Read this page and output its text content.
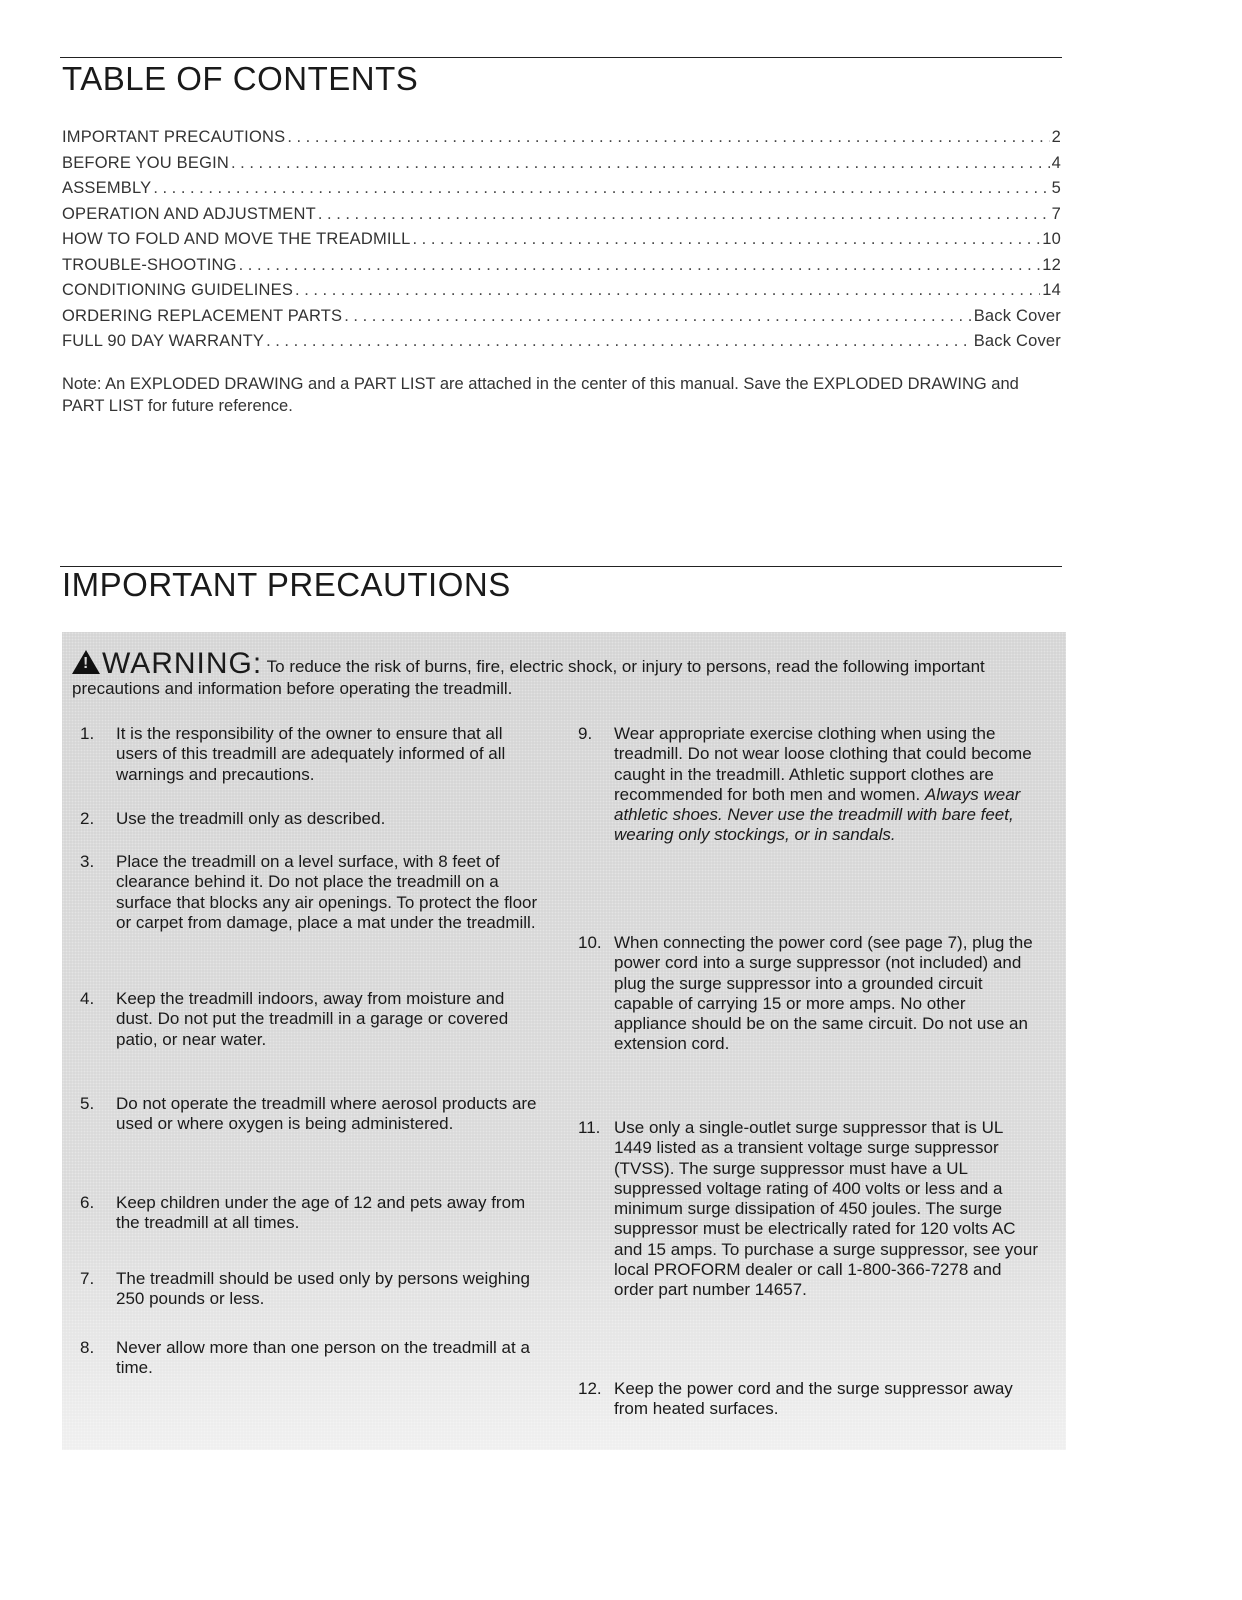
TABLE OF CONTENTS
IMPORTANT PRECAUTIONS . . .	2
BEFORE YOU BEGIN . . .	4
ASSEMBLY . . .	5
OPERATION AND ADJUSTMENT . . .	7
HOW TO FOLD AND MOVE THE TREADMILL . . .	10
TROUBLE-SHOOTING . . .	12
CONDITIONING GUIDELINES . . .	14
ORDERING REPLACEMENT PARTS . . .	Back Cover
FULL 90 DAY WARRANTY . . .	Back Cover

Note: An EXPLODED DRAWING and a PART LIST are attached in the center of this manual. Save the EXPLODED DRAWING and PART LIST for future reference.

IMPORTANT PRECAUTIONS

!WARNING: To reduce the risk of burns, fire, electric shock, or injury to persons, read the following important precautions and information before operating the treadmill.

1.	It is the responsibility of the owner to ensure that all users of this treadmill are adequately informed of all warnings and precautions.
2.	Use the treadmill only as described.
3.	Place the treadmill on a level surface, with 8 feet of clearance behind it. Do not place the treadmill on a surface that blocks any air openings. To protect the floor or carpet from damage, place a mat under the treadmill.
4.	Keep the treadmill indoors, away from moisture and dust. Do not put the treadmill in a garage or covered patio, or near water.
5.	Do not operate the treadmill where aerosol products are used or where oxygen is being administered.
6.	Keep children under the age of 12 and pets away from the treadmill at all times.
7.	The treadmill should be used only by persons weighing 250 pounds or less.
8.	Never allow more than one person on the treadmill at a time.
9.	Wear appropriate exercise clothing when using the treadmill. Do not wear loose clothing that could become caught in the treadmill. Athletic support clothes are recommended for both men and women. Always wear athletic shoes. Never use the treadmill with bare feet, wearing only stockings, or in sandals.
10. When connecting the power cord (see page 7), plug the power cord into a surge suppressor (not included) and plug the surge suppressor into a grounded circuit capable of carrying 15 or more amps. No other appliance should be on the same circuit. Do not use an extension cord.
11. Use only a single-outlet surge suppressor that is UL 1449 listed as a transient voltage surge suppressor (TVSS). The surge suppressor must have a UL suppressed voltage rating of 400 volts or less and a minimum surge dissipation of 450 joules. The surge suppressor must be electrically rated for 120 volts AC and 15 amps. To purchase a surge suppressor, see your local PROFORM dealer or call 1-800-366-7278 and order part number 14657.
12. Keep the power cord and the surge suppressor away from heated surfaces.
